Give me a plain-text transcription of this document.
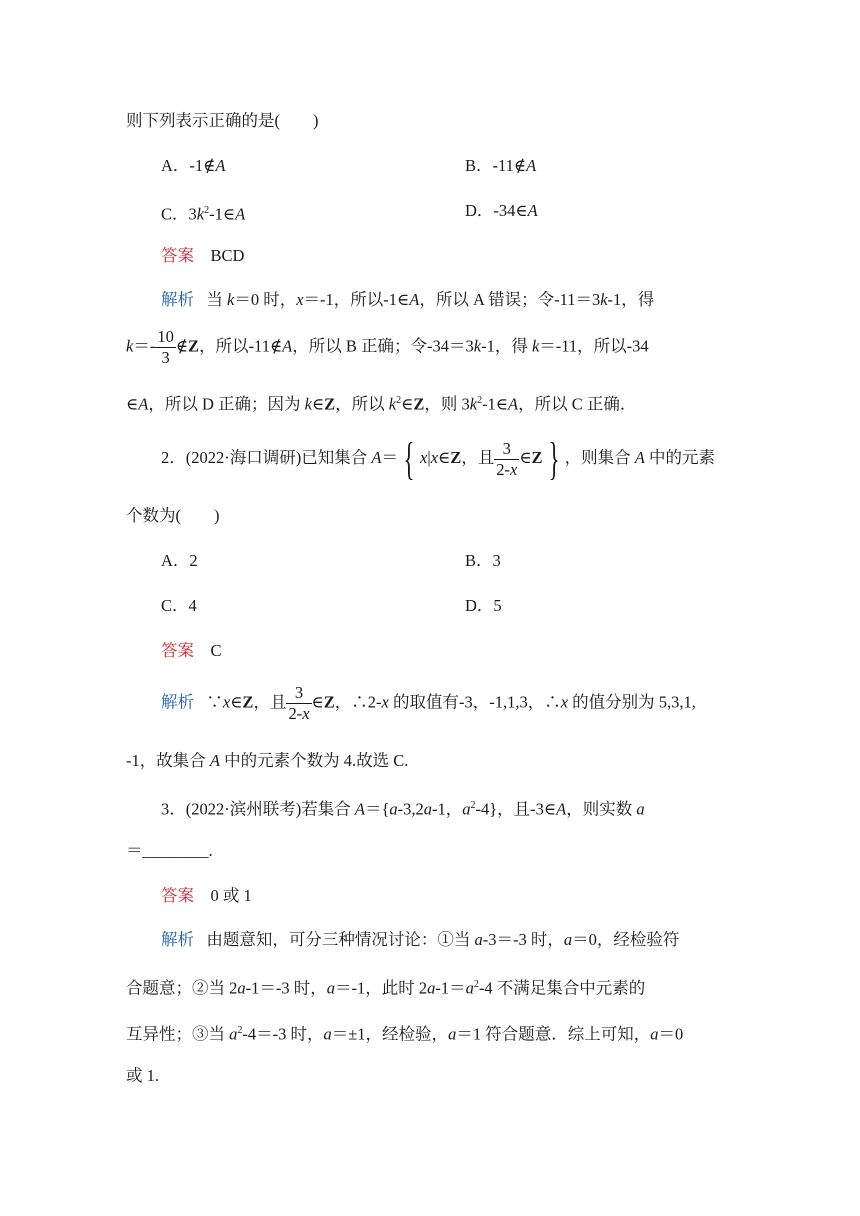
则下列表示正确的是(　　)
A．-1∉A	B．-11∉A
C．$3k^2-1\in A$	D．-34∈A
答案 BCD
解析   当 k＝0 时，x＝-1，所以-1∈A，所以 A 错误；令-11＝3k-1，得
$k=- \frac{10}{3}$ ∉Z，所以-11∉A，所以 B 正确；令-34＝3k-1，得 k＝-11，所以-34
∈A，所以 D 正确；因为 k∈Z，所以 $k^2\in Z$，则 $3k^2-1\in A$，所以 C 正确．
2．(2022·海口调研)已知集合 A＝ { x|x∈Z，且 $\frac{3}{2-x}$ ∈Z } ，则集合 A 中的元素
个数为(　　)
A．2	B．3
C．4	D．5
答案 C
解析   ∵x∈Z，且 $\frac{3}{2-x}$ ∈Z，∴2-x 的取值有-3，-1,1,3，∴x 的值分别为 5,3,1,
-1，故集合 A 中的元素个数为 4.故选 C.
3．(2022·滨州联考)若集合 A＝{a-3,2a-1，$a^2-4$}，且-3∈A，则实数 a
＝________.
答案 0 或 1
解析   由题意知，可分三种情况讨论：①当 a-3＝-3 时，a＝0，经检验符
合题意；②当 2a-1＝-3 时，a＝-1，此时 $2a-1=a^2-4$ 不满足集合中元素的
互异性；③当 $a^2-4=-3$ 时，a＝±1，经检验，a＝1 符合题意．综上可知，a＝0
或 1.
